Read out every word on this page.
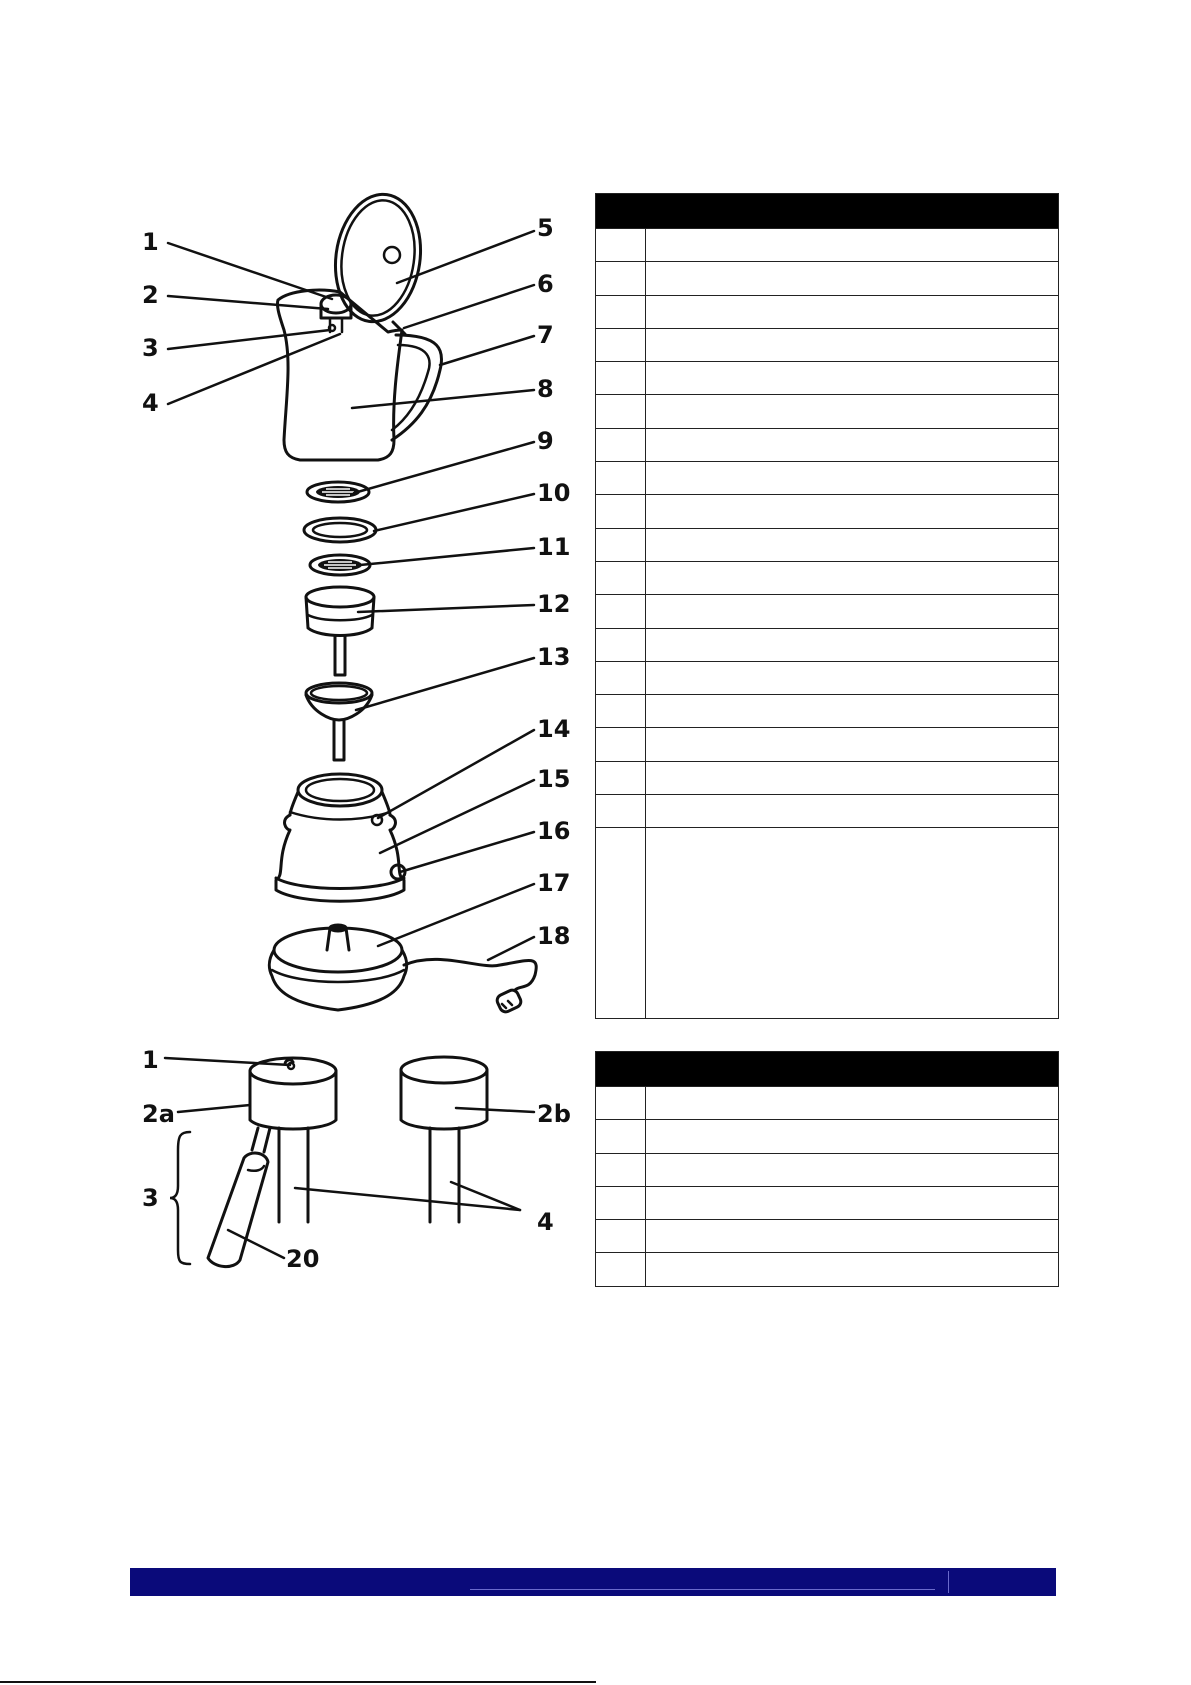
1
2
3
4
5
6
7
8
9
10
11
12
13
14
15
16
17
18
1
2a
3
20
2b
4
